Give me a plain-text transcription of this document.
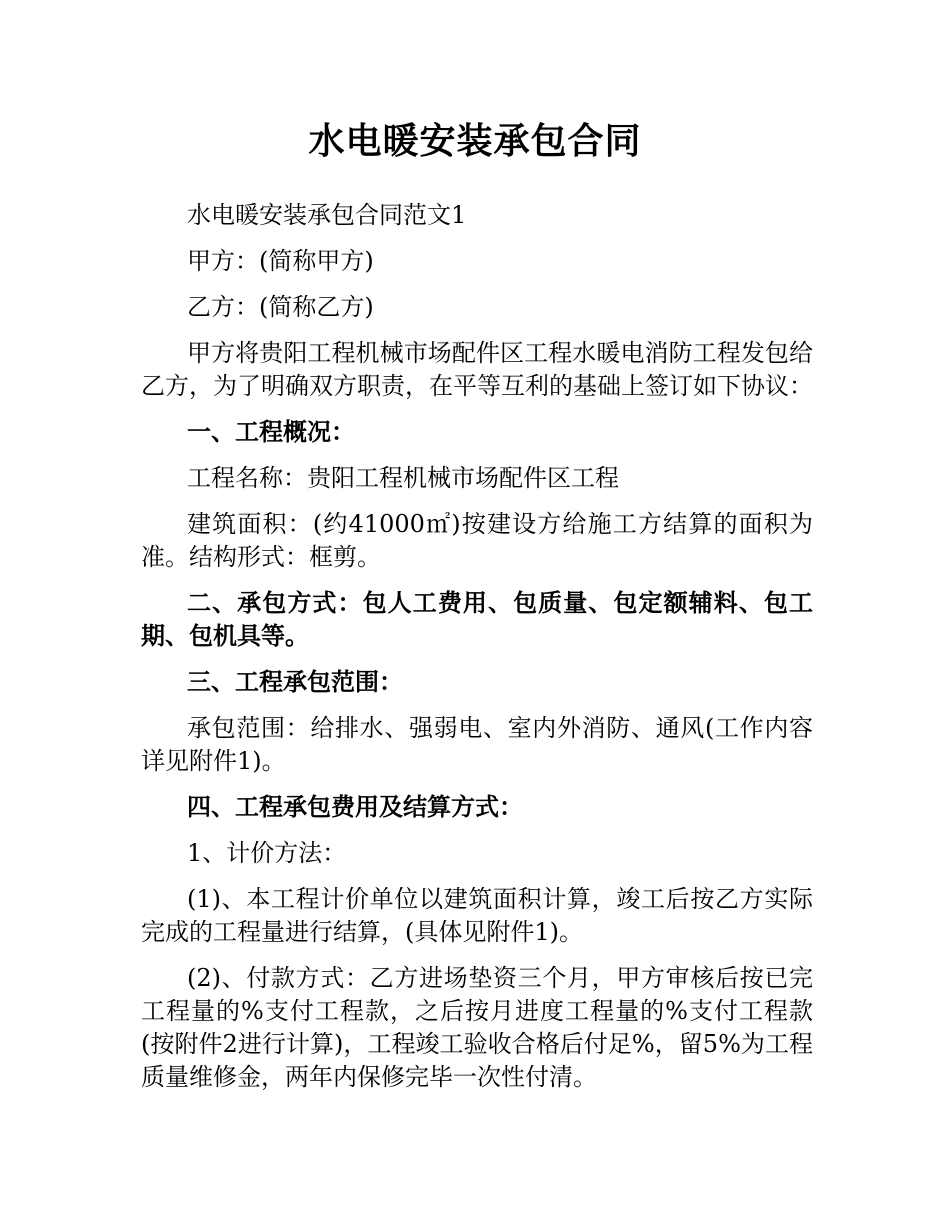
水电暖安装承包合同

水电暖安装承包合同范文1

甲方：(简称甲方)

乙方：(简称乙方)

甲方将贵阳工程机械市场配件区工程水暖电消防工程发包给乙方，为了明确双方职责，在平等互利的基础上签订如下协议：

一、工程概况：

工程名称：贵阳工程机械市场配件区工程

建筑面积：(约41000㎡)按建设方给施工方结算的面积为准。结构形式：框剪。

二、承包方式：包人工费用、包质量、包定额辅料、包工期、包机具等。

三、工程承包范围：

承包范围：给排水、强弱电、室内外消防、通风(工作内容详见附件1)。

四、工程承包费用及结算方式：

1、计价方法：

(1)、本工程计价单位以建筑面积计算，竣工后按乙方实际完成的工程量进行结算，(具体见附件1)。

(2)、付款方式：乙方进场垫资三个月，甲方审核后按已完工程量的%支付工程款，之后按月进度工程量的%支付工程款(按附件2进行计算)，工程竣工验收合格后付足%，留5%为工程质量维修金，两年内保修完毕一次性付清。
